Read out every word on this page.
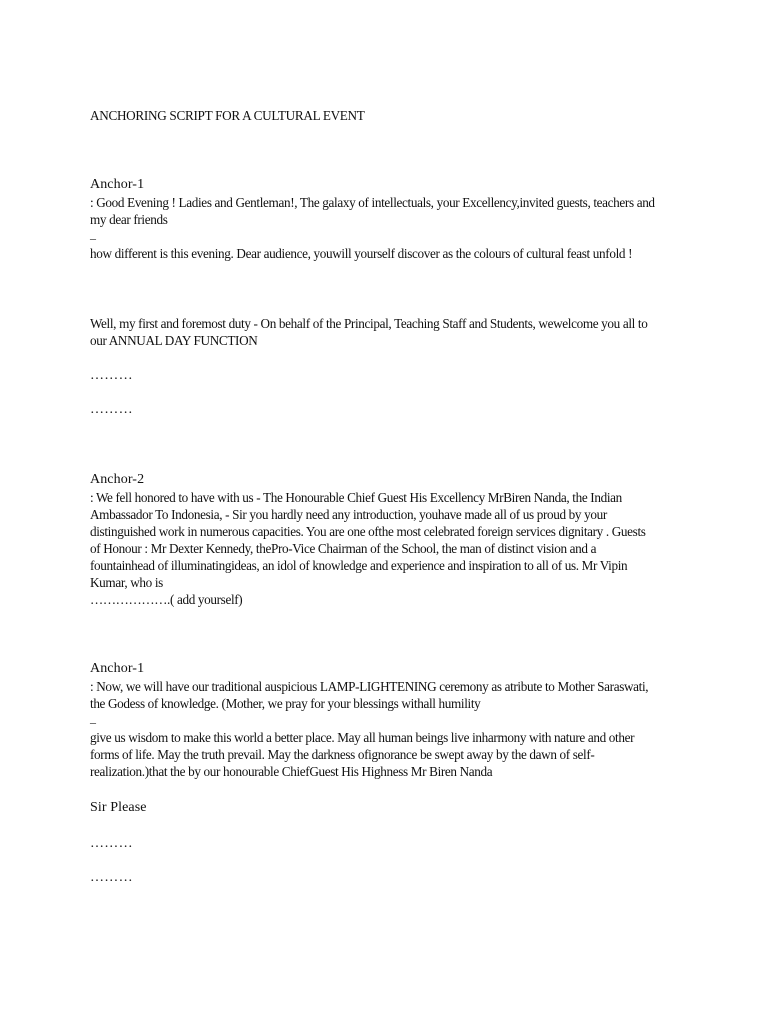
ANCHORING SCRIPT FOR A CULTURAL EVENT
Anchor-1
: Good Evening ! Ladies and Gentleman!, The galaxy of intellectuals, your Excellency,invited guests, teachers and
my dear friends
–
how different is this evening. Dear audience, youwill yourself discover as the colours of cultural feast unfold !
Well, my first and foremost duty - On behalf of the Principal, Teaching Staff and Students, wewelcome you all to
our ANNUAL DAY FUNCTION
………
………
Anchor-2
: We fell honored to have with us - The Honourable Chief Guest His Excellency MrBiren Nanda, the Indian
Ambassador To Indonesia, - Sir you hardly need any introduction, youhave made all of us proud by your
distinguished work in numerous capacities. You are one ofthe most celebrated foreign services dignitary . Guests
of Honour : Mr Dexter Kennedy, thePro-Vice Chairman of the School, the man of distinct vision and a
fountainhead of illuminatingideas, an idol of knowledge and experience and inspiration to all of us. Mr Vipin
Kumar, who is
……………….( add yourself)
Anchor-1
: Now, we will have our traditional auspicious LAMP-LIGHTENING ceremony as atribute to Mother Saraswati,
the Godess of knowledge. (Mother, we pray for your blessings withall humility
–
give us wisdom to make this world a better place. May all human beings live inharmony with nature and other
forms of life. May the truth prevail. May the darkness ofignorance be swept away by the dawn of self-
realization.)that the by our honourable ChiefGuest His Highness Mr Biren Nanda
Sir Please
………
………
